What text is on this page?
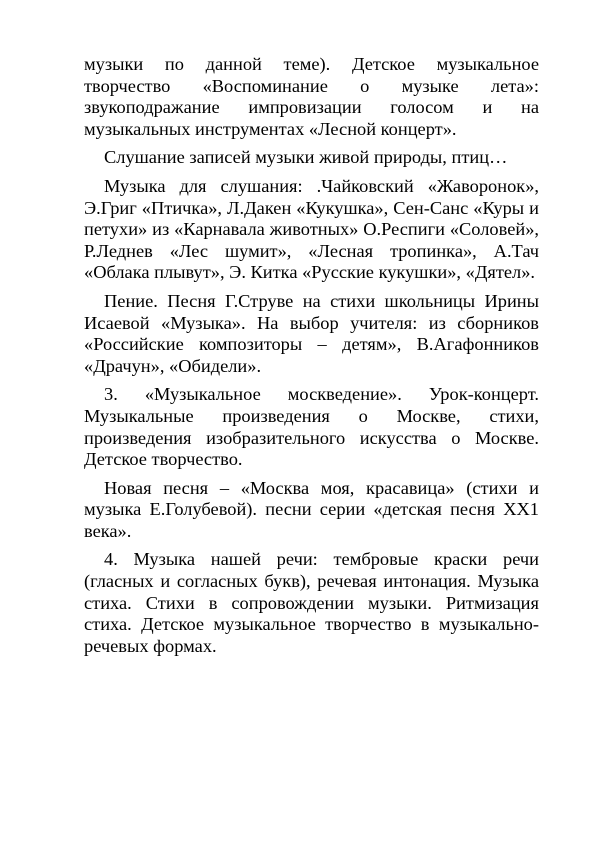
музыки по данной теме). Детское музыкальное творчество «Воспоминание о музыке лета»: звукоподражание импровизации голосом и на музыкальных инструментах «Лесной концерт».

Слушание записей музыки живой природы, птиц…

Музыка для слушания: .Чайковский «Жаворонок», Э.Григ «Птичка», Л.Дакен «Кукушка», Сен-Санс «Куры и петухи» из «Карнавала животных» О.Респиги «Соловей», Р.Леднев «Лес шумит», «Лесная тропинка», А.Тач «Облака плывут», Э. Китка «Русские кукушки», «Дятел».

Пение. Песня Г.Струве на стихи школьницы Ирины Исаевой «Музыка». На выбор учителя: из сборников «Российские композиторы – детям», В.Агафонников «Драчун», «Обидели».

3. «Музыкальное москведение». Урок-концерт. Музыкальные произведения о Москве, стихи, произведения изобразительного искусства о Москве. Детское творчество.

Новая песня – «Москва моя, красавица» (стихи и музыка Е.Голубевой). песни серии «детская песня ХХ1 века».

4. Музыка нашей речи: тембровые краски речи (гласных и согласных букв), речевая интонация. Музыка стиха. Стихи в сопровождении музыки. Ритмизация стиха. Детское музыкальное творчество в музыкально-речевых формах.
